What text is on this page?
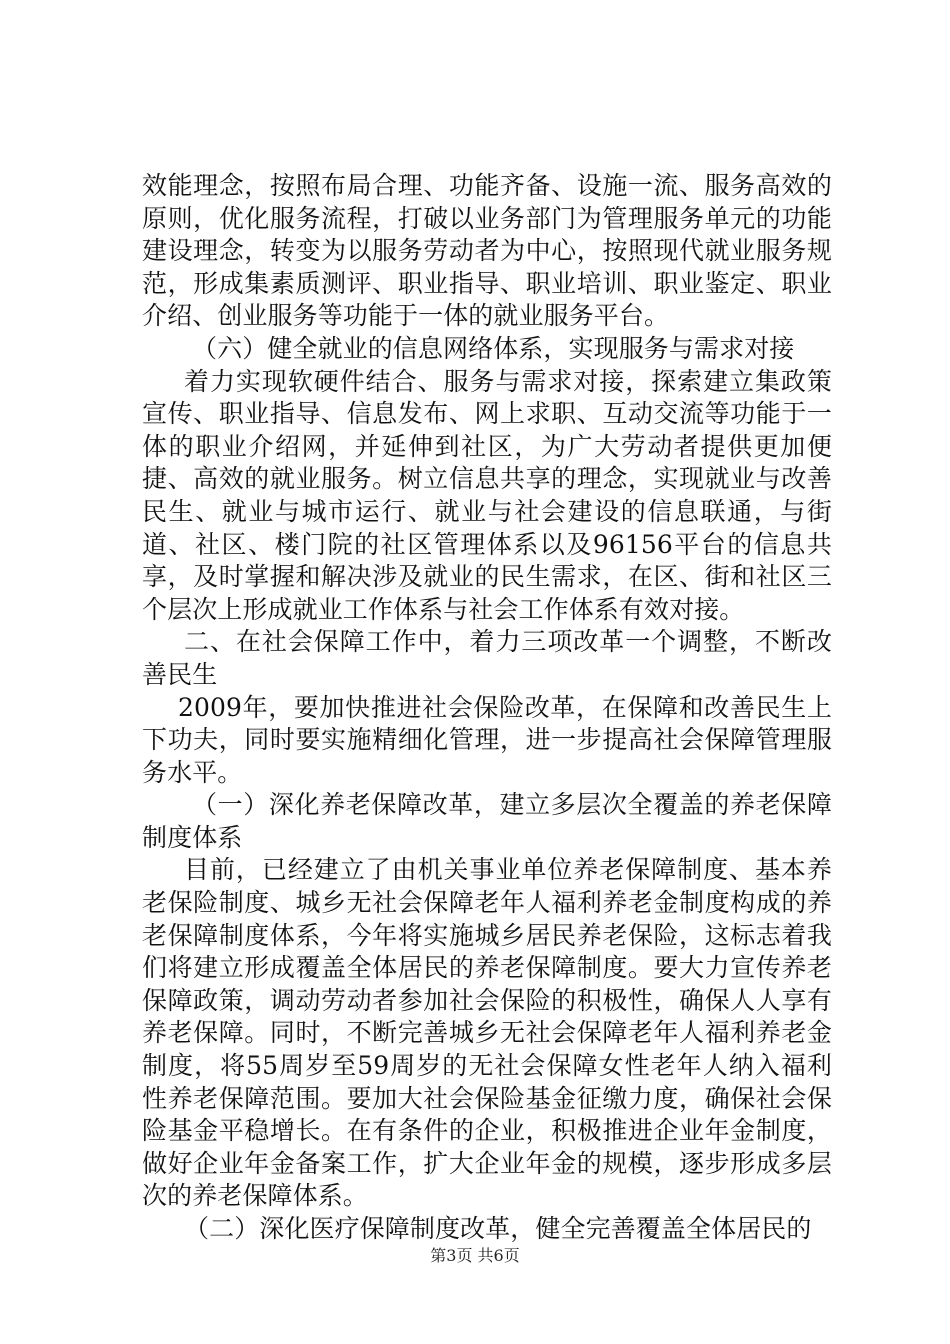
效能理念，按照布局合理、功能齐备、设施一流、服务高效的原则，优化服务流程，打破以业务部门为管理服务单元的功能建设理念，转变为以服务劳动者为中心，按照现代就业服务规范，形成集素质测评、职业指导、职业培训、职业鉴定、职业介绍、创业服务等功能于一体的就业服务平台。

（六）健全就业的信息网络体系，实现服务与需求对接

着力实现软硬件结合、服务与需求对接，探索建立集政策宣传、职业指导、信息发布、网上求职、互动交流等功能于一体的职业介绍网，并延伸到社区，为广大劳动者提供更加便捷、高效的就业服务。树立信息共享的理念，实现就业与改善民生、就业与城市运行、就业与社会建设的信息联通，与街道、社区、楼门院的社区管理体系以及96156平台的信息共享，及时掌握和解决涉及就业的民生需求，在区、街和社区三个层次上形成就业工作体系与社会工作体系有效对接。

二、在社会保障工作中，着力三项改革一个调整，不断改善民生

2009年，要加快推进社会保险改革，在保障和改善民生上下功夫，同时要实施精细化管理，进一步提高社会保障管理服务水平。

（一）深化养老保障改革，建立多层次全覆盖的养老保障制度体系

目前，已经建立了由机关事业单位养老保障制度、基本养老保险制度、城乡无社会保障老年人福利养老金制度构成的养老保障制度体系，今年将实施城乡居民养老保险，这标志着我们将建立形成覆盖全体居民的养老保障制度。要大力宣传养老保障政策，调动劳动者参加社会保险的积极性，确保人人享有养老保障。同时，不断完善城乡无社会保障老年人福利养老金制度，将55周岁至59周岁的无社会保障女性老年人纳入福利性养老保障范围。要加大社会保险基金征缴力度，确保社会保险基金平稳增长。在有条件的企业，积极推进企业年金制度，做好企业年金备案工作，扩大企业年金的规模，逐步形成多层次的养老保障体系。

（二）深化医疗保障制度改革，健全完善覆盖全体居民的

第3页 共6页
